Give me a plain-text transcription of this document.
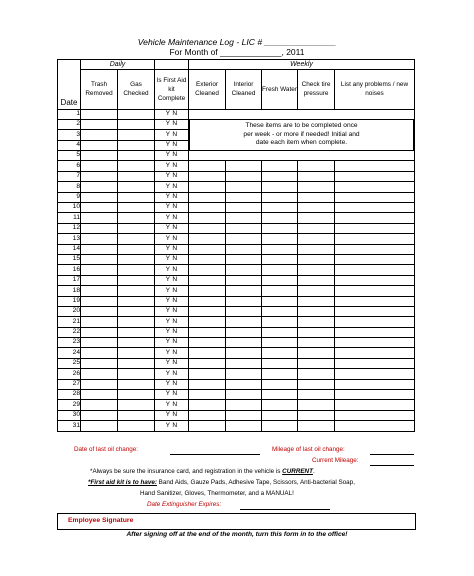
Vehicle Maintenance Log - LIC # _______________
For Month of _____________, 2011
	Daily			Weekly				
Date	Trash Removed	Gas Checked	Is First Aid kit Complete	Exterior Cleaned	Interior Cleaned	Fresh Water	Check tire pressure	List any problems / new noises
1			Y N	These items are to be completed once
per week - or more if needed! Initial and
date each item when complete.				

2			Y N					
3			Y N					
4			Y N					
5			Y N					
6			Y N					
7			Y N					
8			Y N					
9			Y N					
10			Y N					
11			Y N					
12			Y N					
13			Y N					
14			Y N					
15			Y N					
16			Y N					
17			Y N					
18			Y N					
19			Y N					
20			Y N					
21			Y N					
22			Y N					
23			Y N					
24			Y N					
25			Y N					
26			Y N					
27			Y N					
28			Y N					
29			Y N					
30			Y N					
31			Y N					
Date of last oil change:	Mileage of last oil change:
Current Mileage:
*Always be sure the insurance card, and registration in the vehicle is CURRENT.
*First aid kit is to have: Band Aids, Gauze Pads, Adhesive Tape, Scissors, Anti-bacterial Soap,
Hand Sanitizer, Gloves, Thermometer, and a MANUAL!
Date Extinguisher Expires:
Employee Signature
After signing off at the end of the month, turn this form in to the office!
